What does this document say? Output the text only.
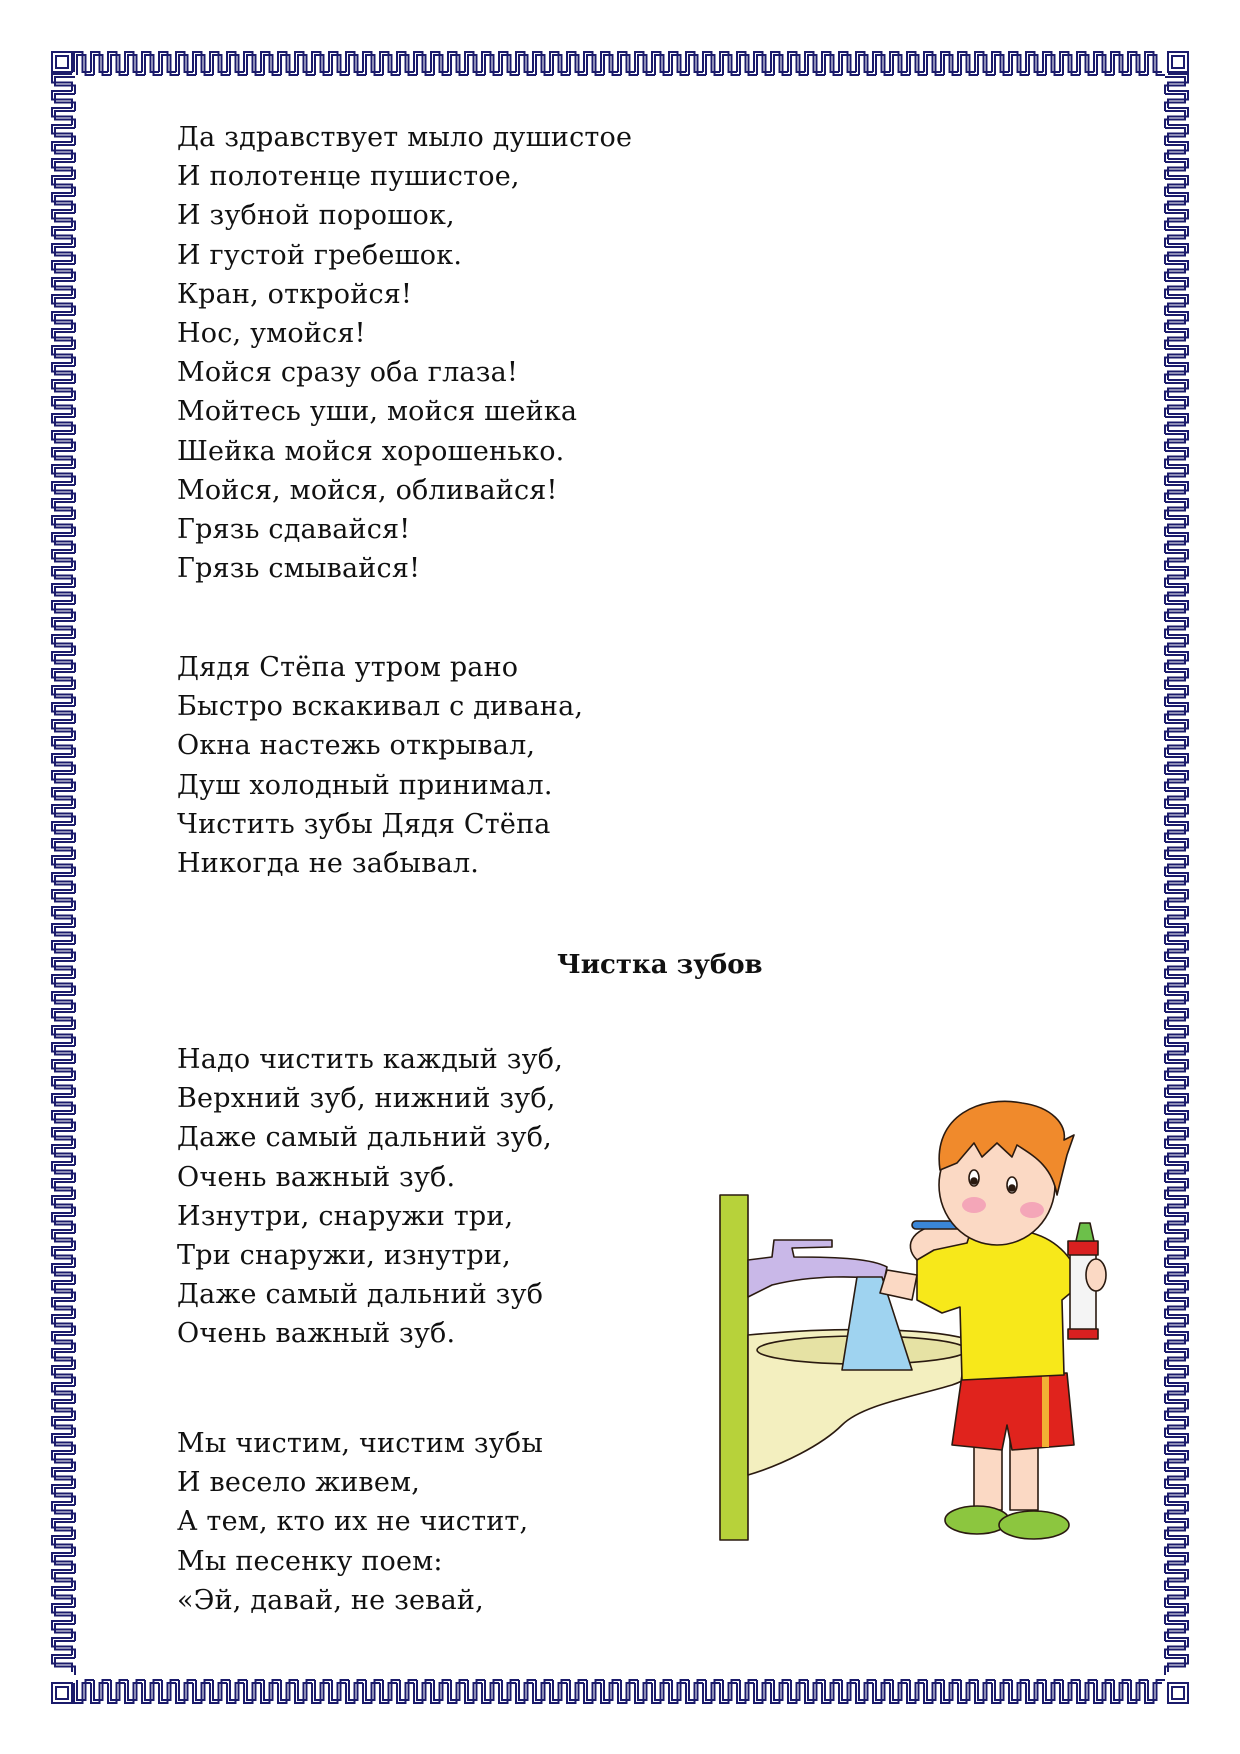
Да здравствует мыло душистое
И полотенце пушистое,
И зубной порошок,
И густой гребешок.
Кран, откройся!
Нос, умойся!
Мойся сразу оба глаза!
Мойтесь уши, мойся шейка
Шейка мойся хорошенько.
Мойся, мойся, обливайся!
Грязь сдавайся!
Грязь смывайся!
Дядя Стёпа утром рано
Быстро вскакивал с дивана,
Окна настежь открывал,
Душ холодный принимал.
Чистить зубы Дядя Стёпа
Никогда не забывал.
Чистка зубов
Надо чистить каждый зуб,
Верхний зуб, нижний зуб,
Даже самый дальний зуб,
Очень важный зуб.
Изнутри, снаружи три,
Три снаружи, изнутри,
Даже самый дальний зуб
Очень важный зуб.
Мы чистим, чистим зубы
И весело живем,
А тем, кто их не чистит,
Мы песенку поем:
«Эй, давай, не зевай,
